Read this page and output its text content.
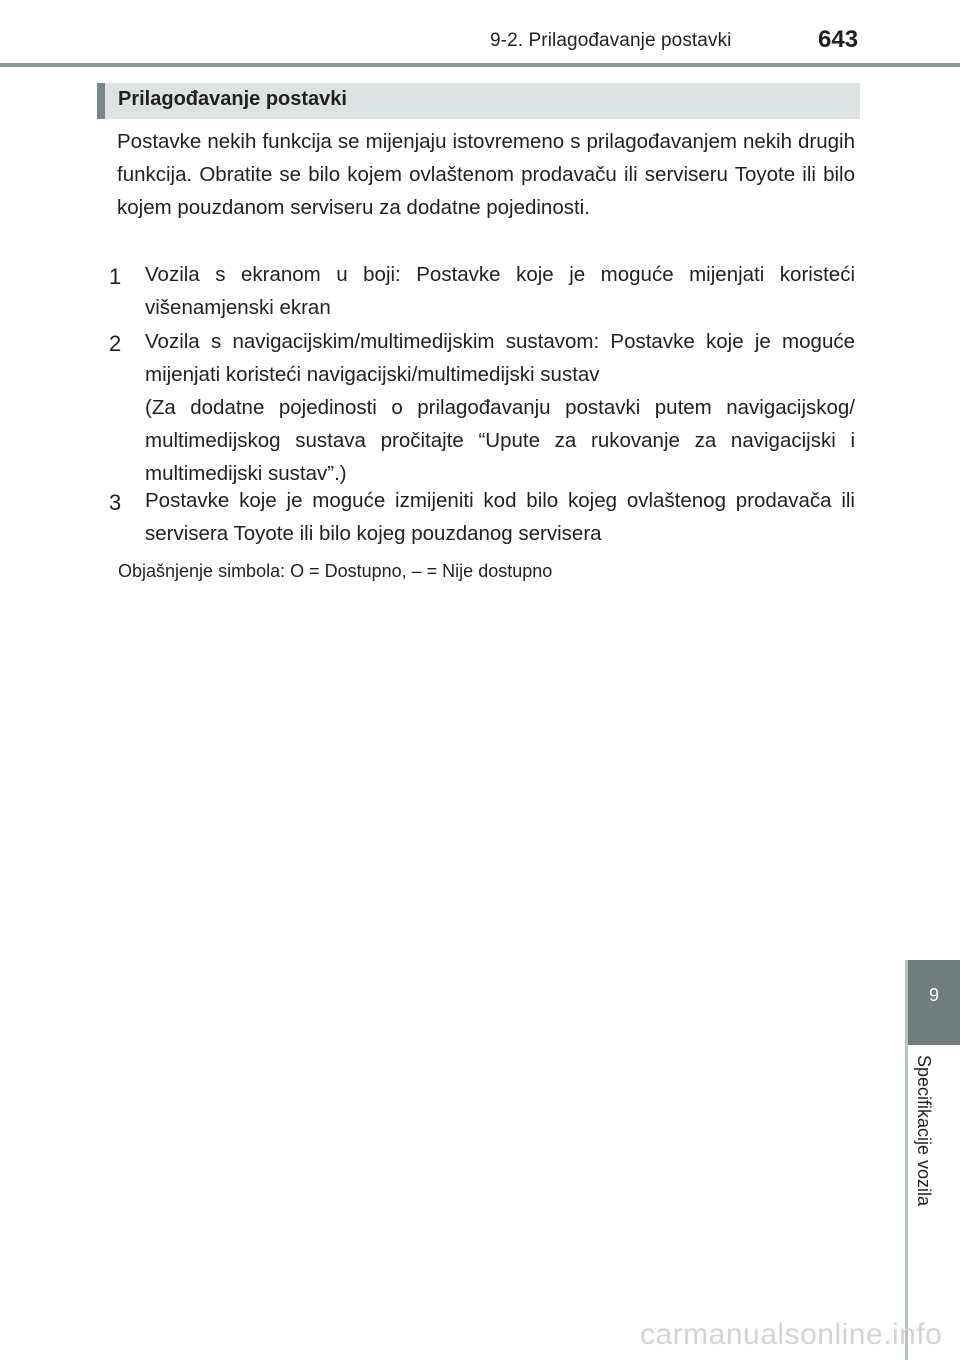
9-2. Prilagođavanje postavki	643
Prilagođavanje postavki
Postavke nekih funkcija se mijenjaju istovremeno s prilagođavanjem nekih drugih funkcija. Obratite se bilo kojem ovlaštenom prodavaču ili serviseru Toyote ili bilo kojem pouzdanom serviseru za dodatne pojedinosti.
1 Vozila s ekranom u boji: Postavke koje je moguće mijenjati koristeći višenamjenski ekran
2 Vozila s navigacijskim/multimedijskim sustavom: Postavke koje je moguće mijenjati koristeći navigacijski/multimedijski sustav
(Za dodatne pojedinosti o prilagođavanju postavki putem navigacijskog/ multimedijskog sustava pročitajte “Upute za rukovanje za navigacijski i multimedijski sustav”.)
3 Postavke koje je moguće izmijeniti kod bilo kojeg ovlaštenog prodavača ili servisera Toyote ili bilo kojeg pouzdanog servisera
Objašnjenje simbola: O = Dostupno, – = Nije dostupno
9
Specifikacije vozila
carmanualsonline.info
